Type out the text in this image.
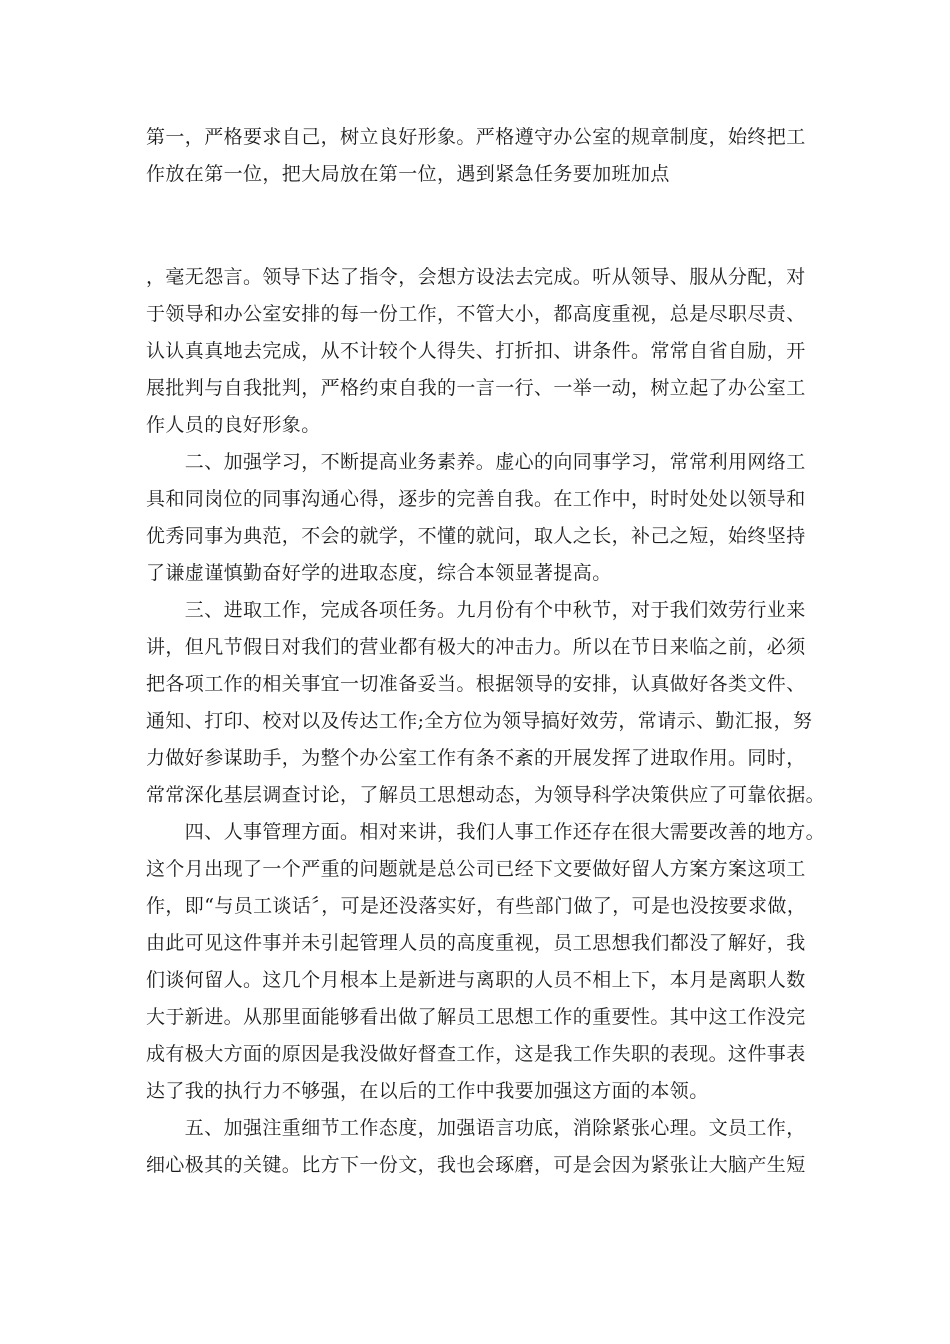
第一，严格要求自己，树立良好形象。严格遵守办公室的规章制度，始终把工
作放在第一位，把大局放在第一位，遇到紧急任务要加班加点
，毫无怨言。领导下达了指令，会想方设法去完成。听从领导、服从分配，对
于领导和办公室安排的每一份工作，不管大小，都高度重视，总是尽职尽责、
认认真真地去完成，从不计较个人得失、打折扣、讲条件。常常自省自励，开
展批判与自我批判，严格约束自我的一言一行、一举一动，树立起了办公室工
作人员的良好形象。
　　二、加强学习，不断提高业务素养。虚心的向同事学习，常常利用网络工
具和同岗位的同事沟通心得，逐步的完善自我。在工作中，时时处处以领导和
优秀同事为典范，不会的就学，不懂的就问，取人之长，补己之短，始终坚持
了谦虚谨慎勤奋好学的进取态度，综合本领显著提高。
　　三、进取工作，完成各项任务。九月份有个中秋节，对于我们效劳行业来
讲，但凡节假日对我们的营业都有极大的冲击力。所以在节日来临之前，必须
把各项工作的相关事宜一切准备妥当。根据领导的安排，认真做好各类文件、
通知、打印、校对以及传达工作;全方位为领导搞好效劳，常请示、勤汇报，努
力做好参谋助手，为整个办公室工作有条不紊的开展发挥了进取作用。同时，
常常深化基层调查讨论，了解员工思想动态，为领导科学决策供应了可靠依据。
　　四、人事管理方面。相对来讲，我们人事工作还存在很大需要改善的地方。
这个月出现了一个严重的问题就是总公司已经下文要做好留人方案方案这项工
作，即“与员工谈话〞，可是还没落实好，有些部门做了，可是也没按要求做，
由此可见这件事并未引起管理人员的高度重视，员工思想我们都没了解好，我
们谈何留人。这几个月根本上是新进与离职的人员不相上下，本月是离职人数
大于新进。从那里面能够看出做了解员工思想工作的重要性。其中这工作没完
成有极大方面的原因是我没做好督查工作，这是我工作失职的表现。这件事表
达了我的执行力不够强，在以后的工作中我要加强这方面的本领。
　　五、加强注重细节工作态度，加强语言功底，消除紧张心理。文员工作，
细心极其的关键。比方下一份文，我也会琢磨，可是会因为紧张让大脑产生短
